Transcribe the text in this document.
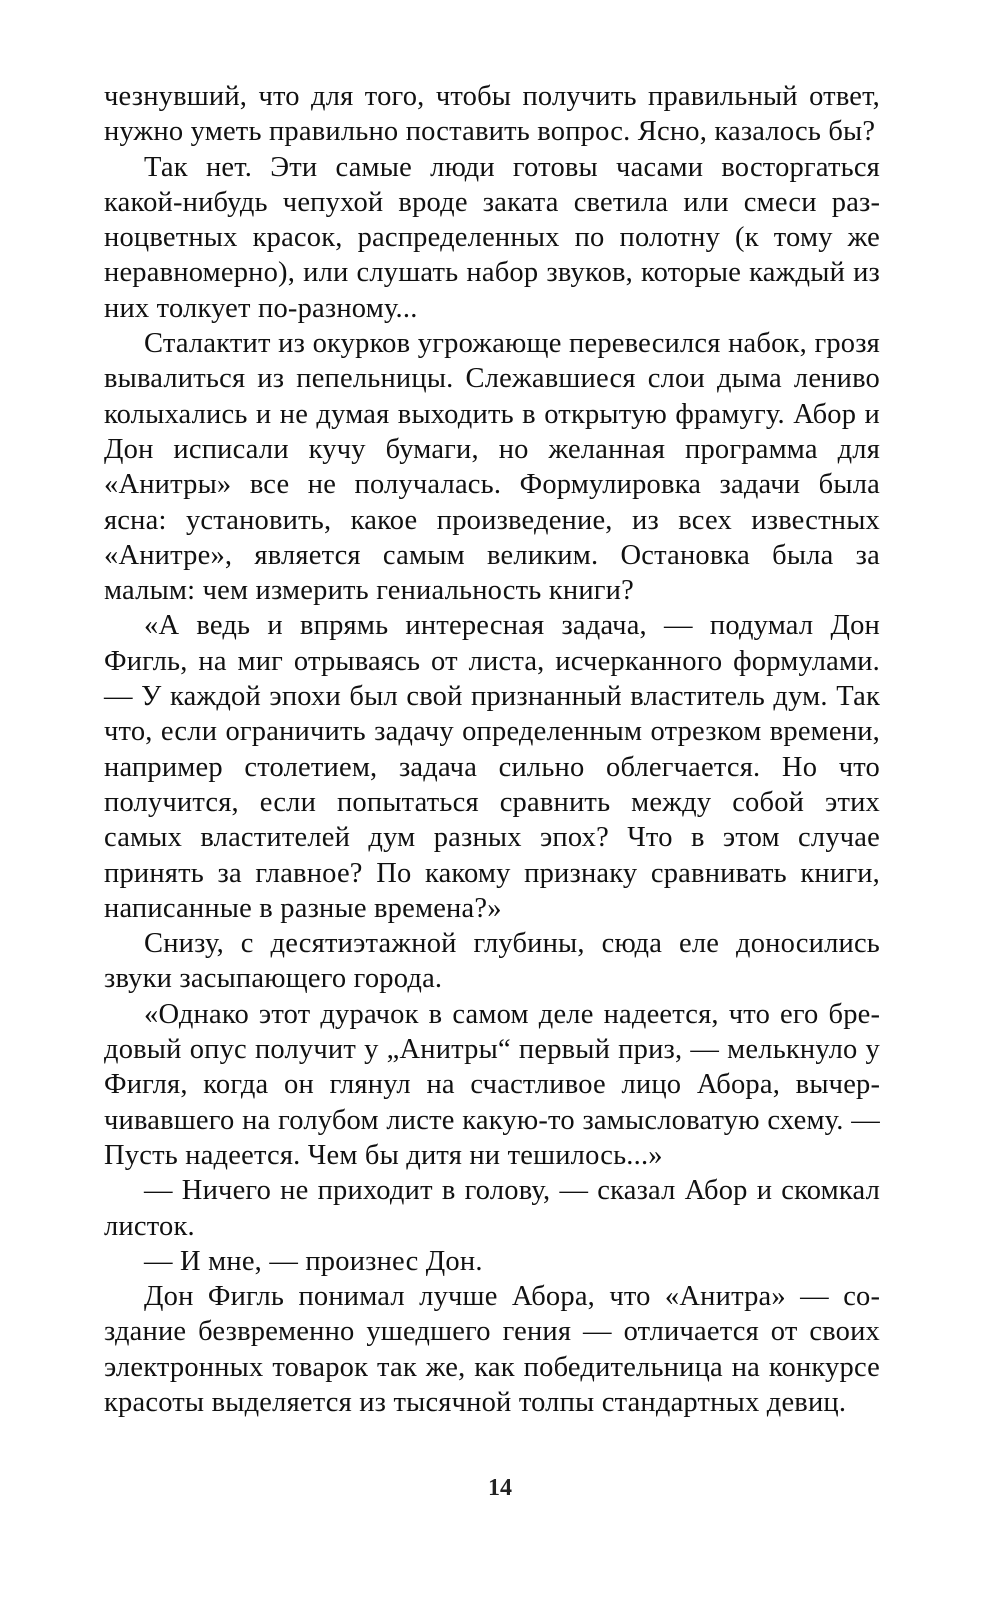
чезнувший, что для того, чтобы получить правильный ответ, нужно уметь правильно поставить вопрос. Ясно, казалось бы?

Так нет. Эти самые люди готовы часами восторгаться какой-нибудь чепухой вроде заката светила или смеси разноцветных красок, распределенных по полотну (к тому же неравномерно), или слушать набор звуков, которые каждый из них толкует по-разному...

Сталактит из окурков угрожающе перевесился набок, грозя вывалиться из пепельницы. Слежавшиеся слои дыма лениво колыхались и не думая выходить в открытую фрамугу. Абор и Дон исписали кучу бумаги, но желанная программа для «Анитры» все не получалась. Формулировка задачи была ясна: установить, какое произведение, из всех известных «Анитре», является самым великим. Остановка была за малым: чем измерить гениальность книги?

«А ведь и впрямь интересная задача, — подумал Дон Фигль, на миг отрываясь от листа, исчерканного формулами. — У каждой эпохи был свой признанный властитель дум. Так что, если ограничить задачу определенным отрезком времени, например столетием, задача сильно облегчается. Но что получится, если попытаться сравнить между собой этих самых властителей дум разных эпох? Что в этом случае принять за главное? По какому признаку сравнивать книги, написанные в разные времена?»

Снизу, с десятиэтажной глубины, сюда еле доносились звуки засыпающего города.

«Однако этот дурачок в самом деле надеется, что его бредовый опус получит у „Анитры“ первый приз, — мелькнуло у Фигля, когда он глянул на счастливое лицо Абора, вычерчивавшего на голубом листе какую-то замысловатую схему. — Пусть надеется. Чем бы дитя ни тешилось...»

— Ничего не приходит в голову, — сказал Абор и скомкал листок.

— И мне, — произнес Дон.

Дон Фигль понимал лучше Абора, что «Анитра» — создание безвременно ушедшего гения — отличается от своих электронных товарок так же, как победительница на конкурсе красоты выделяется из тысячной толпы стандартных девиц.

14
